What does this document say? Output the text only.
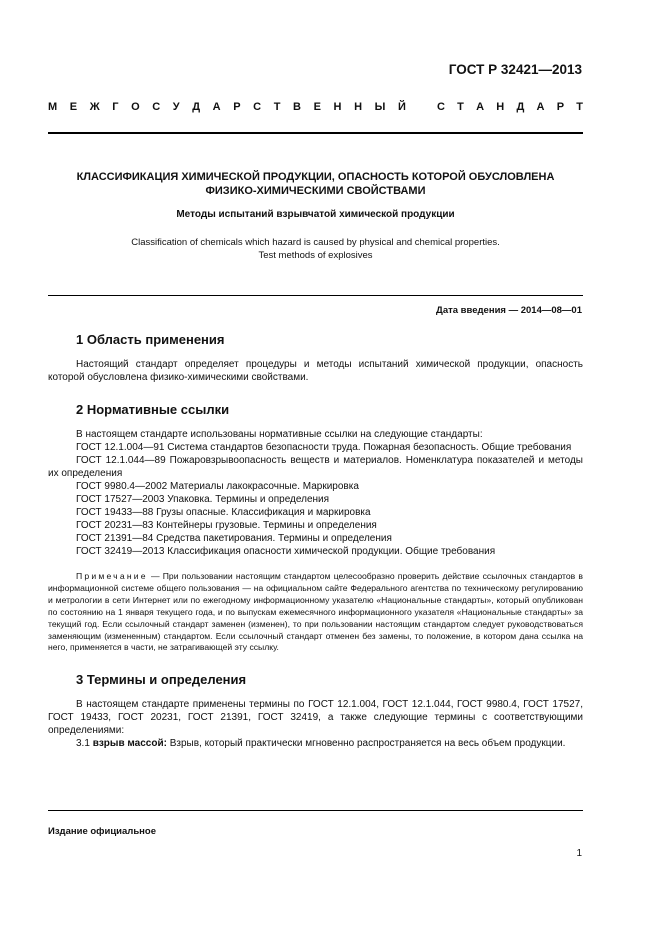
ГОСТ Р 32421—2013
М Е Ж Г О С У Д А Р С Т В Е Н Н Ы Й	С Т А Н Д А Р Т
КЛАССИФИКАЦИЯ ХИМИЧЕСКОЙ ПРОДУКЦИИ, ОПАСНОСТЬ КОТОРОЙ ОБУСЛОВЛЕНА
ФИЗИКО-ХИМИЧЕСКИМИ СВОЙСТВАМИ
Методы испытаний взрывчатой химической продукции
Classification of chemicals which hazard is caused by physical and chemical properties.
Test methods of explosives
Дата введения — 2014—08—01
1 Область применения

Настоящий стандарт определяет процедуры и методы испытаний химической продукции, опасность которой обусловлена физико-химическими свойствами.

2 Нормативные ссылки

В настоящем стандарте использованы нормативные ссылки на следующие стандарты:

ГОСТ 12.1.004—91 Система стандартов безопасности труда. Пожарная безопасность. Общие требования

ГОСТ 12.1.044—89 Пожаровзрывоопасность веществ и материалов. Номенклатура показателей и методы их определения

ГОСТ 9980.4—2002 Материалы лакокрасочные. Маркировка

ГОСТ 17527—2003 Упаковка. Термины и определения

ГОСТ 19433—88 Грузы опасные. Классификация и маркировка

ГОСТ 20231—83 Контейнеры грузовые. Термины и определения

ГОСТ 21391—84 Средства пакетирования. Термины и определения

ГОСТ 32419—2013 Классификация опасности химической продукции. Общие требования

Примечание — При пользовании настоящим стандартом целесообразно проверить действие ссылочных стандартов в информационной системе общего пользования — на официальном сайте Федерального агентства по техническому регулированию и метрологии в сети Интернет или по ежегодному информационному указателю «Национальные стандарты», который опубликован по состоянию на 1 января текущего года, и по выпускам ежемесячного информационного указателя «Национальные стандарты» за текущий год. Если ссылочный стандарт заменен (изменен), то при пользовании настоящим стандартом следует руководствоваться заменяющим (измененным) стандартом. Если ссылочный стандарт отменен без замены, то положение, в котором дана ссылка на него, применяется в части, не затрагивающей эту ссылку.

3 Термины и определения

В настоящем стандарте применены термины по ГОСТ 12.1.004, ГОСТ 12.1.044, ГОСТ 9980.4, ГОСТ 17527, ГОСТ 19433, ГОСТ 20231, ГОСТ 21391, ГОСТ 32419, а также следующие термины с соответствующими определениями:

3.1 взрыв массой: Взрыв, который практически мгновенно распространяется на весь объем продукции.

Издание официальное
1
